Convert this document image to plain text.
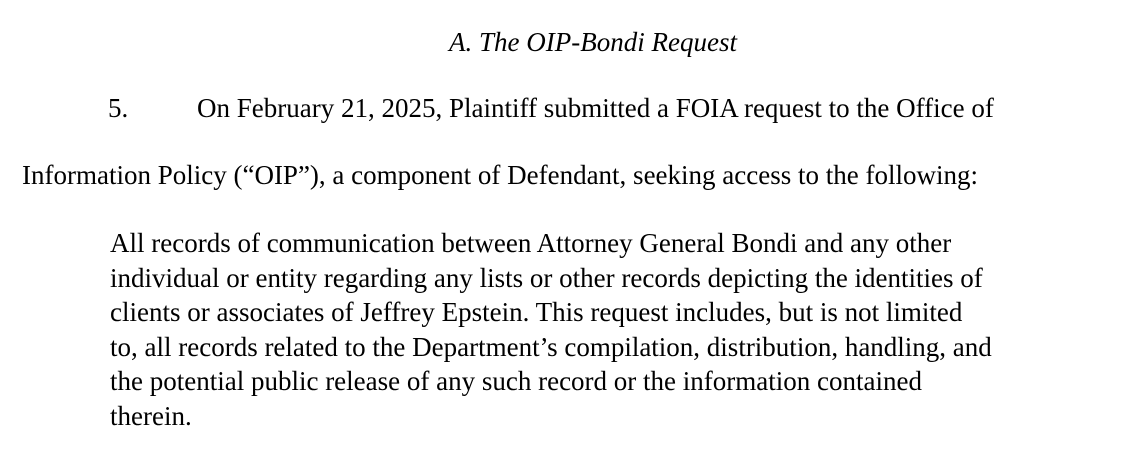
A. The OIP-Bondi Request
5.	On February 21, 2025, Plaintiff submitted a FOIA request to the Office of
Information Policy (“OIP”), a component of Defendant, seeking access to the following:
All records of communication between Attorney General Bondi and any other
individual or entity regarding any lists or other records depicting the identities of
clients or associates of Jeffrey Epstein. This request includes, but is not limited
to, all records related to the Department’s compilation, distribution, handling, and
the potential public release of any such record or the information contained
therein.
